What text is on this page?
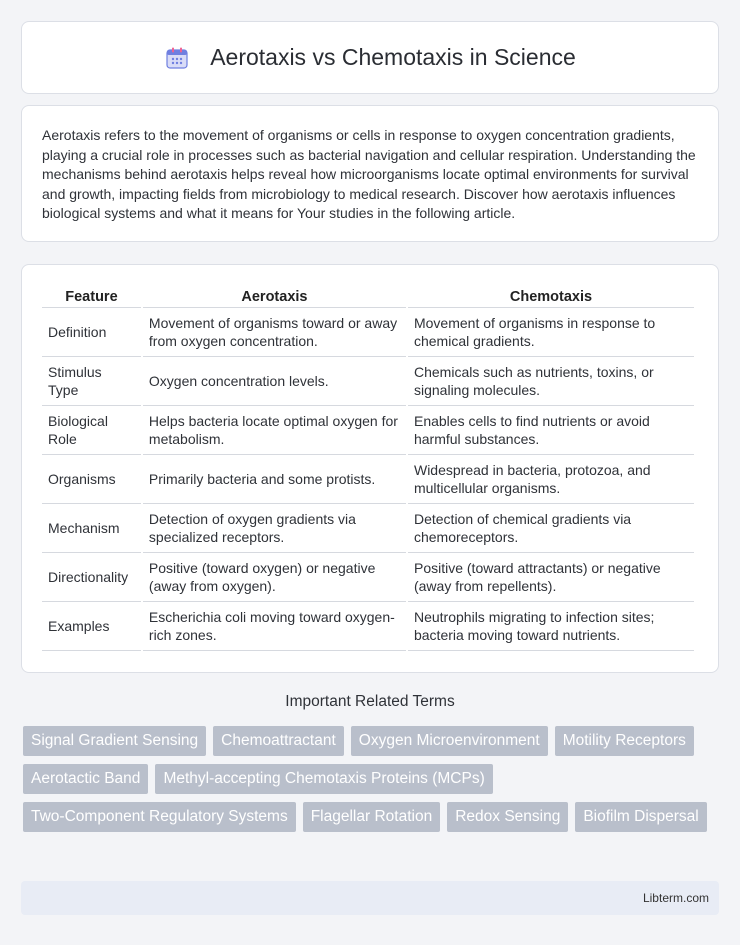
Aerotaxis vs Chemotaxis in Science

Aerotaxis refers to the movement of organisms or cells in response to oxygen concentration gradients, playing a crucial role in processes such as bacterial navigation and cellular respiration. Understanding the mechanisms behind aerotaxis helps reveal how microorganisms locate optimal environments for survival and growth, impacting fields from microbiology to medical research. Discover how aerotaxis influences biological systems and what it means for Your studies in the following article.

Feature	Aerotaxis	Chemotaxis
Definition	Movement of organisms toward or away from oxygen concentration.	Movement of organisms in response to chemical gradients.
Stimulus Type	Oxygen concentration levels.	Chemicals such as nutrients, toxins, or signaling molecules.
Biological Role	Helps bacteria locate optimal oxygen for metabolism.	Enables cells to find nutrients or avoid harmful substances.
Organisms	Primarily bacteria and some protists.	Widespread in bacteria, protozoa, and multicellular organisms.
Mechanism	Detection of oxygen gradients via specialized receptors.	Detection of chemical gradients via chemoreceptors.
Directionality	Positive (toward oxygen) or negative (away from oxygen).	Positive (toward attractants) or negative (away from repellents).
Examples	Escherichia coli moving toward oxygen-rich zones.	Neutrophils migrating to infection sites; bacteria moving toward nutrients.
Important Related Terms
Signal Gradient Sensing	Chemoattractant	Oxygen Microenvironment	Motility Receptors
Aerotactic Band	Methyl-accepting Chemotaxis Proteins (MCPs)
Two-Component Regulatory Systems	Flagellar Rotation	Redox Sensing	Biofilm Dispersal
Libterm.com
